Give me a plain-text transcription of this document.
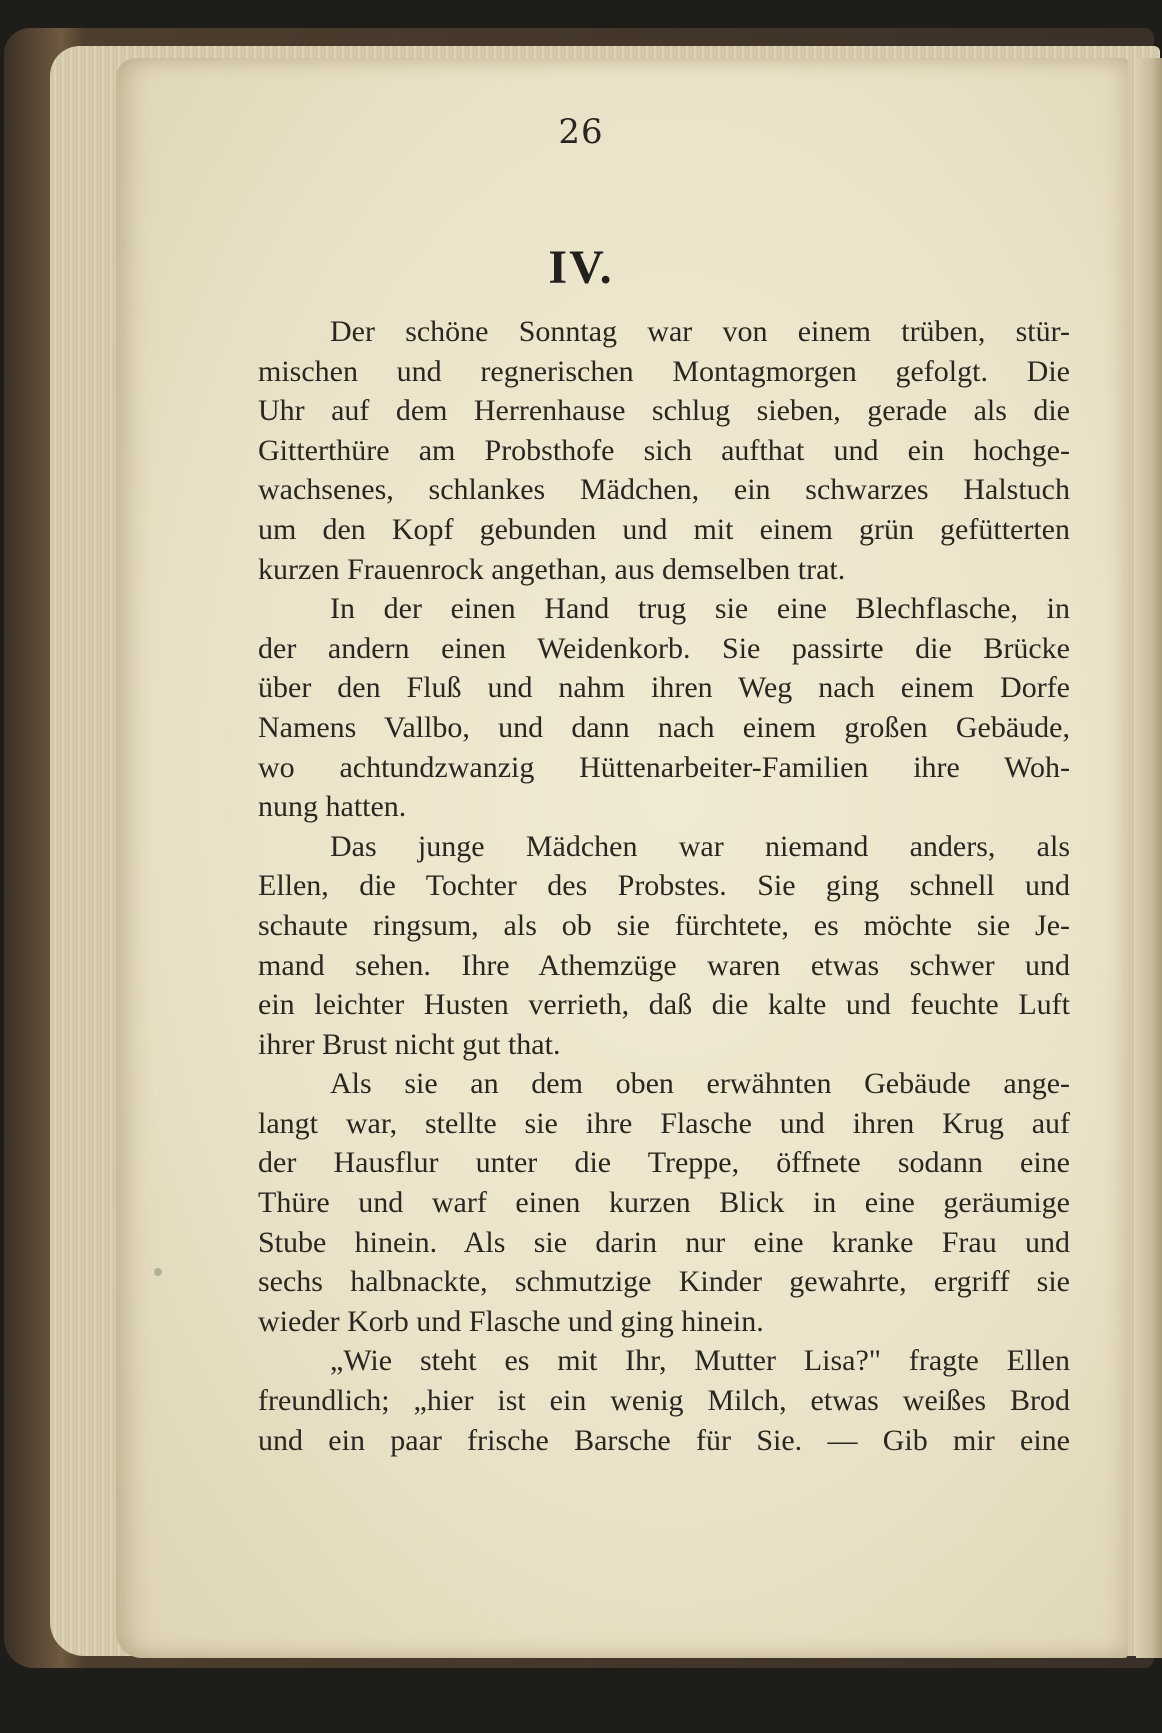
26
IV.
Der schöne Sonntag war von einem trüben, stür-
mischen und regnerischen Montagmorgen gefolgt. Die
Uhr auf dem Herrenhause schlug sieben, gerade als die
Gitterthüre am Probsthofe sich aufthat und ein hochge-
wachsenes, schlankes Mädchen, ein schwarzes Halstuch
um den Kopf gebunden und mit einem grün gefütterten
kurzen Frauenrock angethan, aus demselben trat.
In der einen Hand trug sie eine Blechflasche, in
der andern einen Weidenkorb. Sie passirte die Brücke
über den Fluß und nahm ihren Weg nach einem Dorfe
Namens Vallbo, und dann nach einem großen Gebäude,
wo achtundzwanzig Hüttenarbeiter-Familien ihre Woh-
nung hatten.
Das junge Mädchen war niemand anders, als
Ellen, die Tochter des Probstes. Sie ging schnell und
schaute ringsum, als ob sie fürchtete, es möchte sie Je-
mand sehen. Ihre Athemzüge waren etwas schwer und
ein leichter Husten verrieth, daß die kalte und feuchte Luft
ihrer Brust nicht gut that.
Als sie an dem oben erwähnten Gebäude ange-
langt war, stellte sie ihre Flasche und ihren Krug auf
der Hausflur unter die Treppe, öffnete sodann eine
Thüre und warf einen kurzen Blick in eine geräumige
Stube hinein. Als sie darin nur eine kranke Frau und
sechs halbnackte, schmutzige Kinder gewahrte, ergriff sie
wieder Korb und Flasche und ging hinein.
„Wie steht es mit Ihr, Mutter Lisa?" fragte Ellen
freundlich; „hier ist ein wenig Milch, etwas weißes Brod
und ein paar frische Barsche für Sie. — Gib mir eine
